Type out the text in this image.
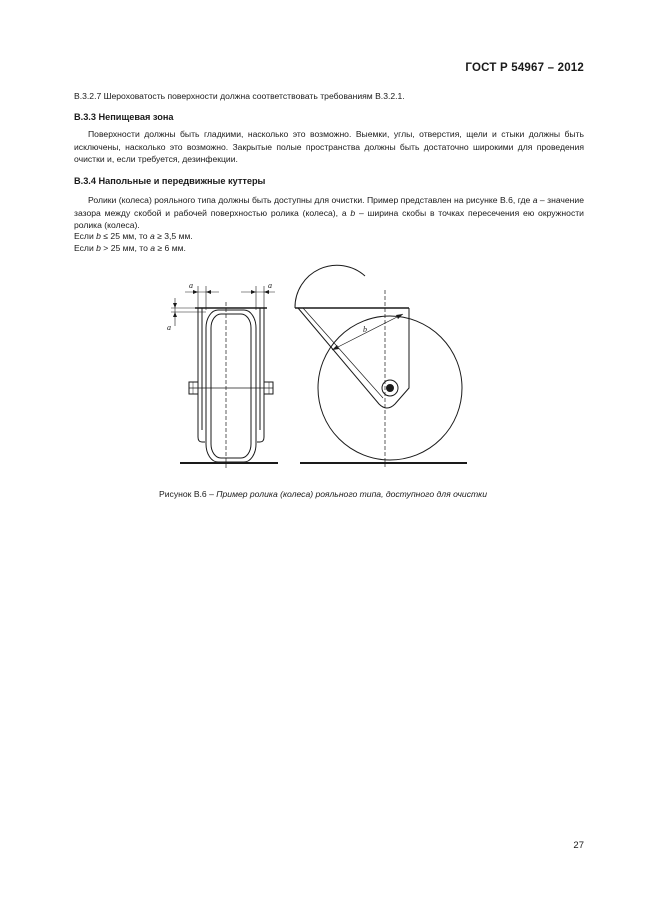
ГОСТ Р 54967 – 2012
В.3.2.7 Шероховатость поверхности должна соответствовать требованиям В.3.2.1.
В.3.3 Непищевая зона
Поверхности должны быть гладкими, насколько это возможно. Выемки, углы, отверстия, щели и стыки должны быть исключены, насколько это возможно. Закрытые полые пространства должны быть достаточно широкими для проведения очистки и, если требуется, дезинфекции.
В.3.4 Напольные и передвижные куттеры
Ролики (колеса) рояльного типа должны быть доступны для очистки. Пример представлен на рисунке В.6, где a – значение зазора между скобой и рабочей поверхностью ролика (колеса), а b – ширина скобы в точках пересечения ею окружности ролика (колеса).
Если b ≤ 25 мм, то a ≥ 3,5 мм.
Если b > 25 мм, то a ≥ 6 мм.
a	a
a	b
Рисунок В.6 – Пример ролика (колеса) рояльного типа, доступного для очистки
27
